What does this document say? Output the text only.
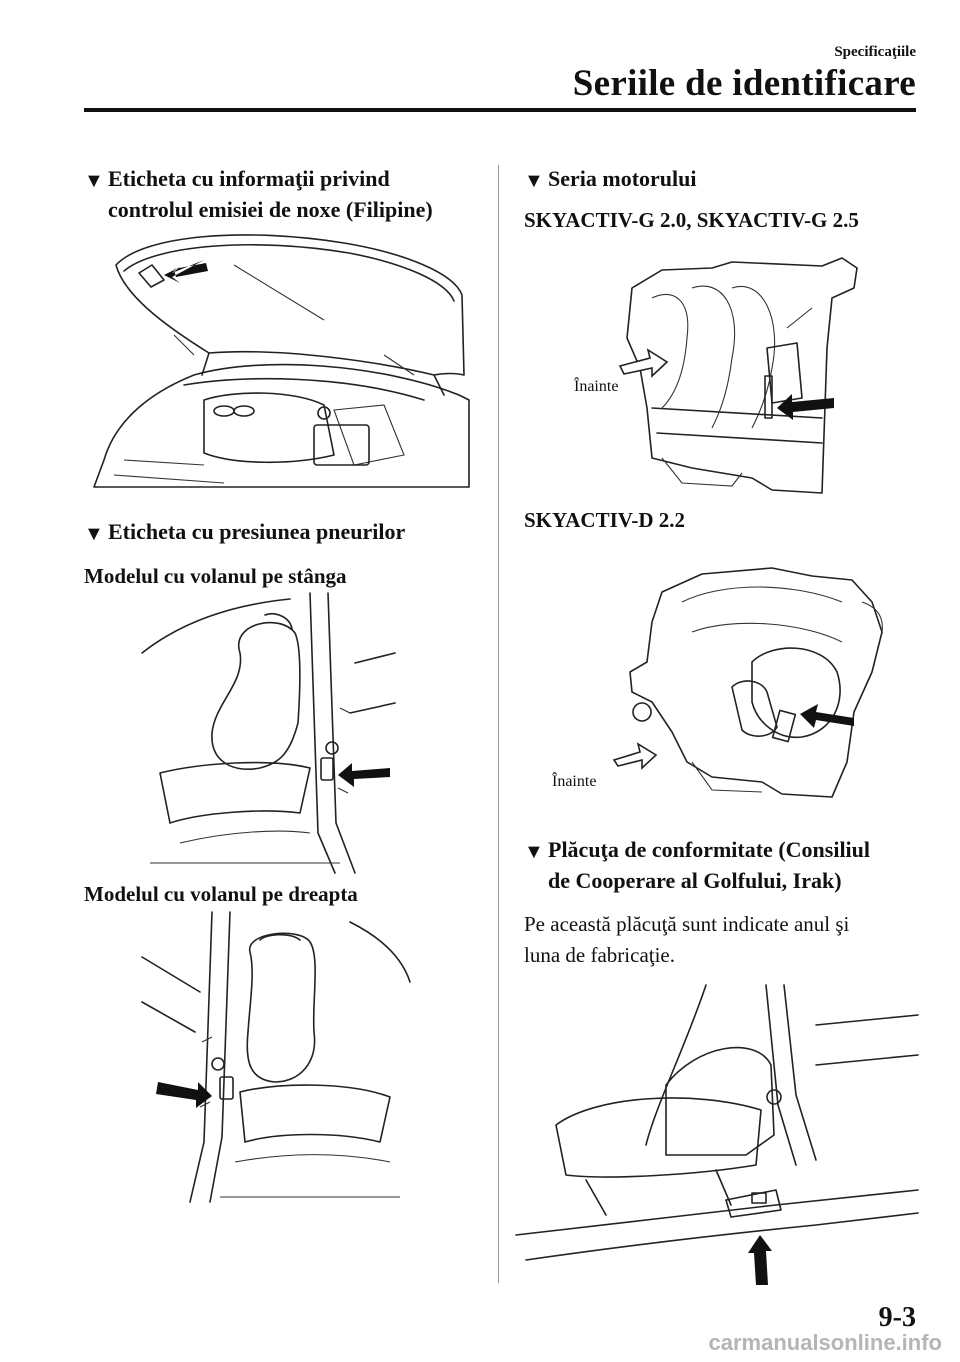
Specificaţiile
Seriile de identificare
▼ Eticheta cu informaţii privind
controlul emisiei de noxe (Filipine)
▼ Eticheta cu presiunea pneurilor
Modelul cu volanul pe stânga
Modelul cu volanul pe dreapta
▼ Seria motorului
SKYACTIV-G 2.0, SKYACTIV-G 2.5
Înainte
SKYACTIV-D 2.2
Înainte
▼ Plăcuţa de conformitate (Consiliul
de Cooperare al Golfului, Irak)
Pe această plăcuţă sunt indicate anul şi
luna de fabricaţie.
9-3
carmanualsonline.info
